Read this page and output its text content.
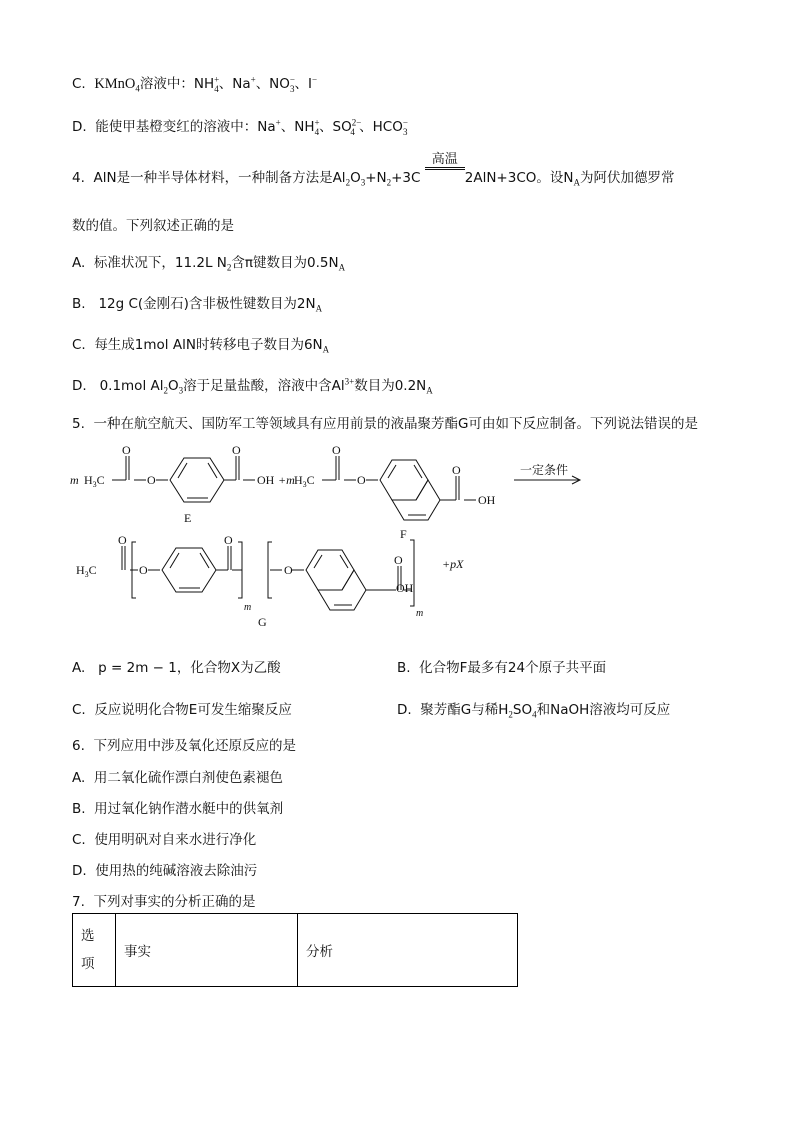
C. KMnO$_4$溶液中：$NH^+_4$、Na+、$NO^-_3$、I−
D. 能使甲基橙变红的溶液中：Na+、$NH^+_4$、$SO^{2-}_4$ 、$HCO^-_3$
4. AlN是一种半导体材料，一种制备方法是$Al_2O_3+N_2+3C$
高温
2AlN+3CO。设$N_A$为阿伏加德罗常
数的值。下列叙述正确的是
A. 标准状况下，11.2L $N_2$含π键数目为$0.5N_A$
B. 12g C(金刚石)含非极性键数目为$2N_A$
C. 每生成1mol AlN时转移电子数目为$6N_A$
D. 0.1mol $Al_2O_3$溶于足量盐酸，溶液中含$Al^{3+}$数目为$0.2N_A$
5. 一种在航空航天、国防军工等领域具有应用前景的液晶聚芳酯G可由如下反应制备。下列说法错误的是
m $H_3C$
O
O
O
OH +m $H_3C$
O
O
O
OH
一定条件
E
F
$H_3C$
O
O
O
m
O
O
OH
m
+pX
G
A. p = 2m − 1，化合物X为乙酸	B. 化合物F最多有24个原子共平面
C. 反应说明化合物E可发生缩聚反应	D. 聚芳酯G与稀$H_2SO_4$和NaOH溶液均可反应
6. 下列应用中涉及氧化还原反应的是
A. 用二氧化硫作漂白剂使色素褪色
B. 用过氧化钠作潜水艇中的供氧剂
C. 使用明矾对自来水进行净化
D. 使用热的纯碱溶液去除油污
7. 下列对事实的分析正确的是
选
项	事实	分析
